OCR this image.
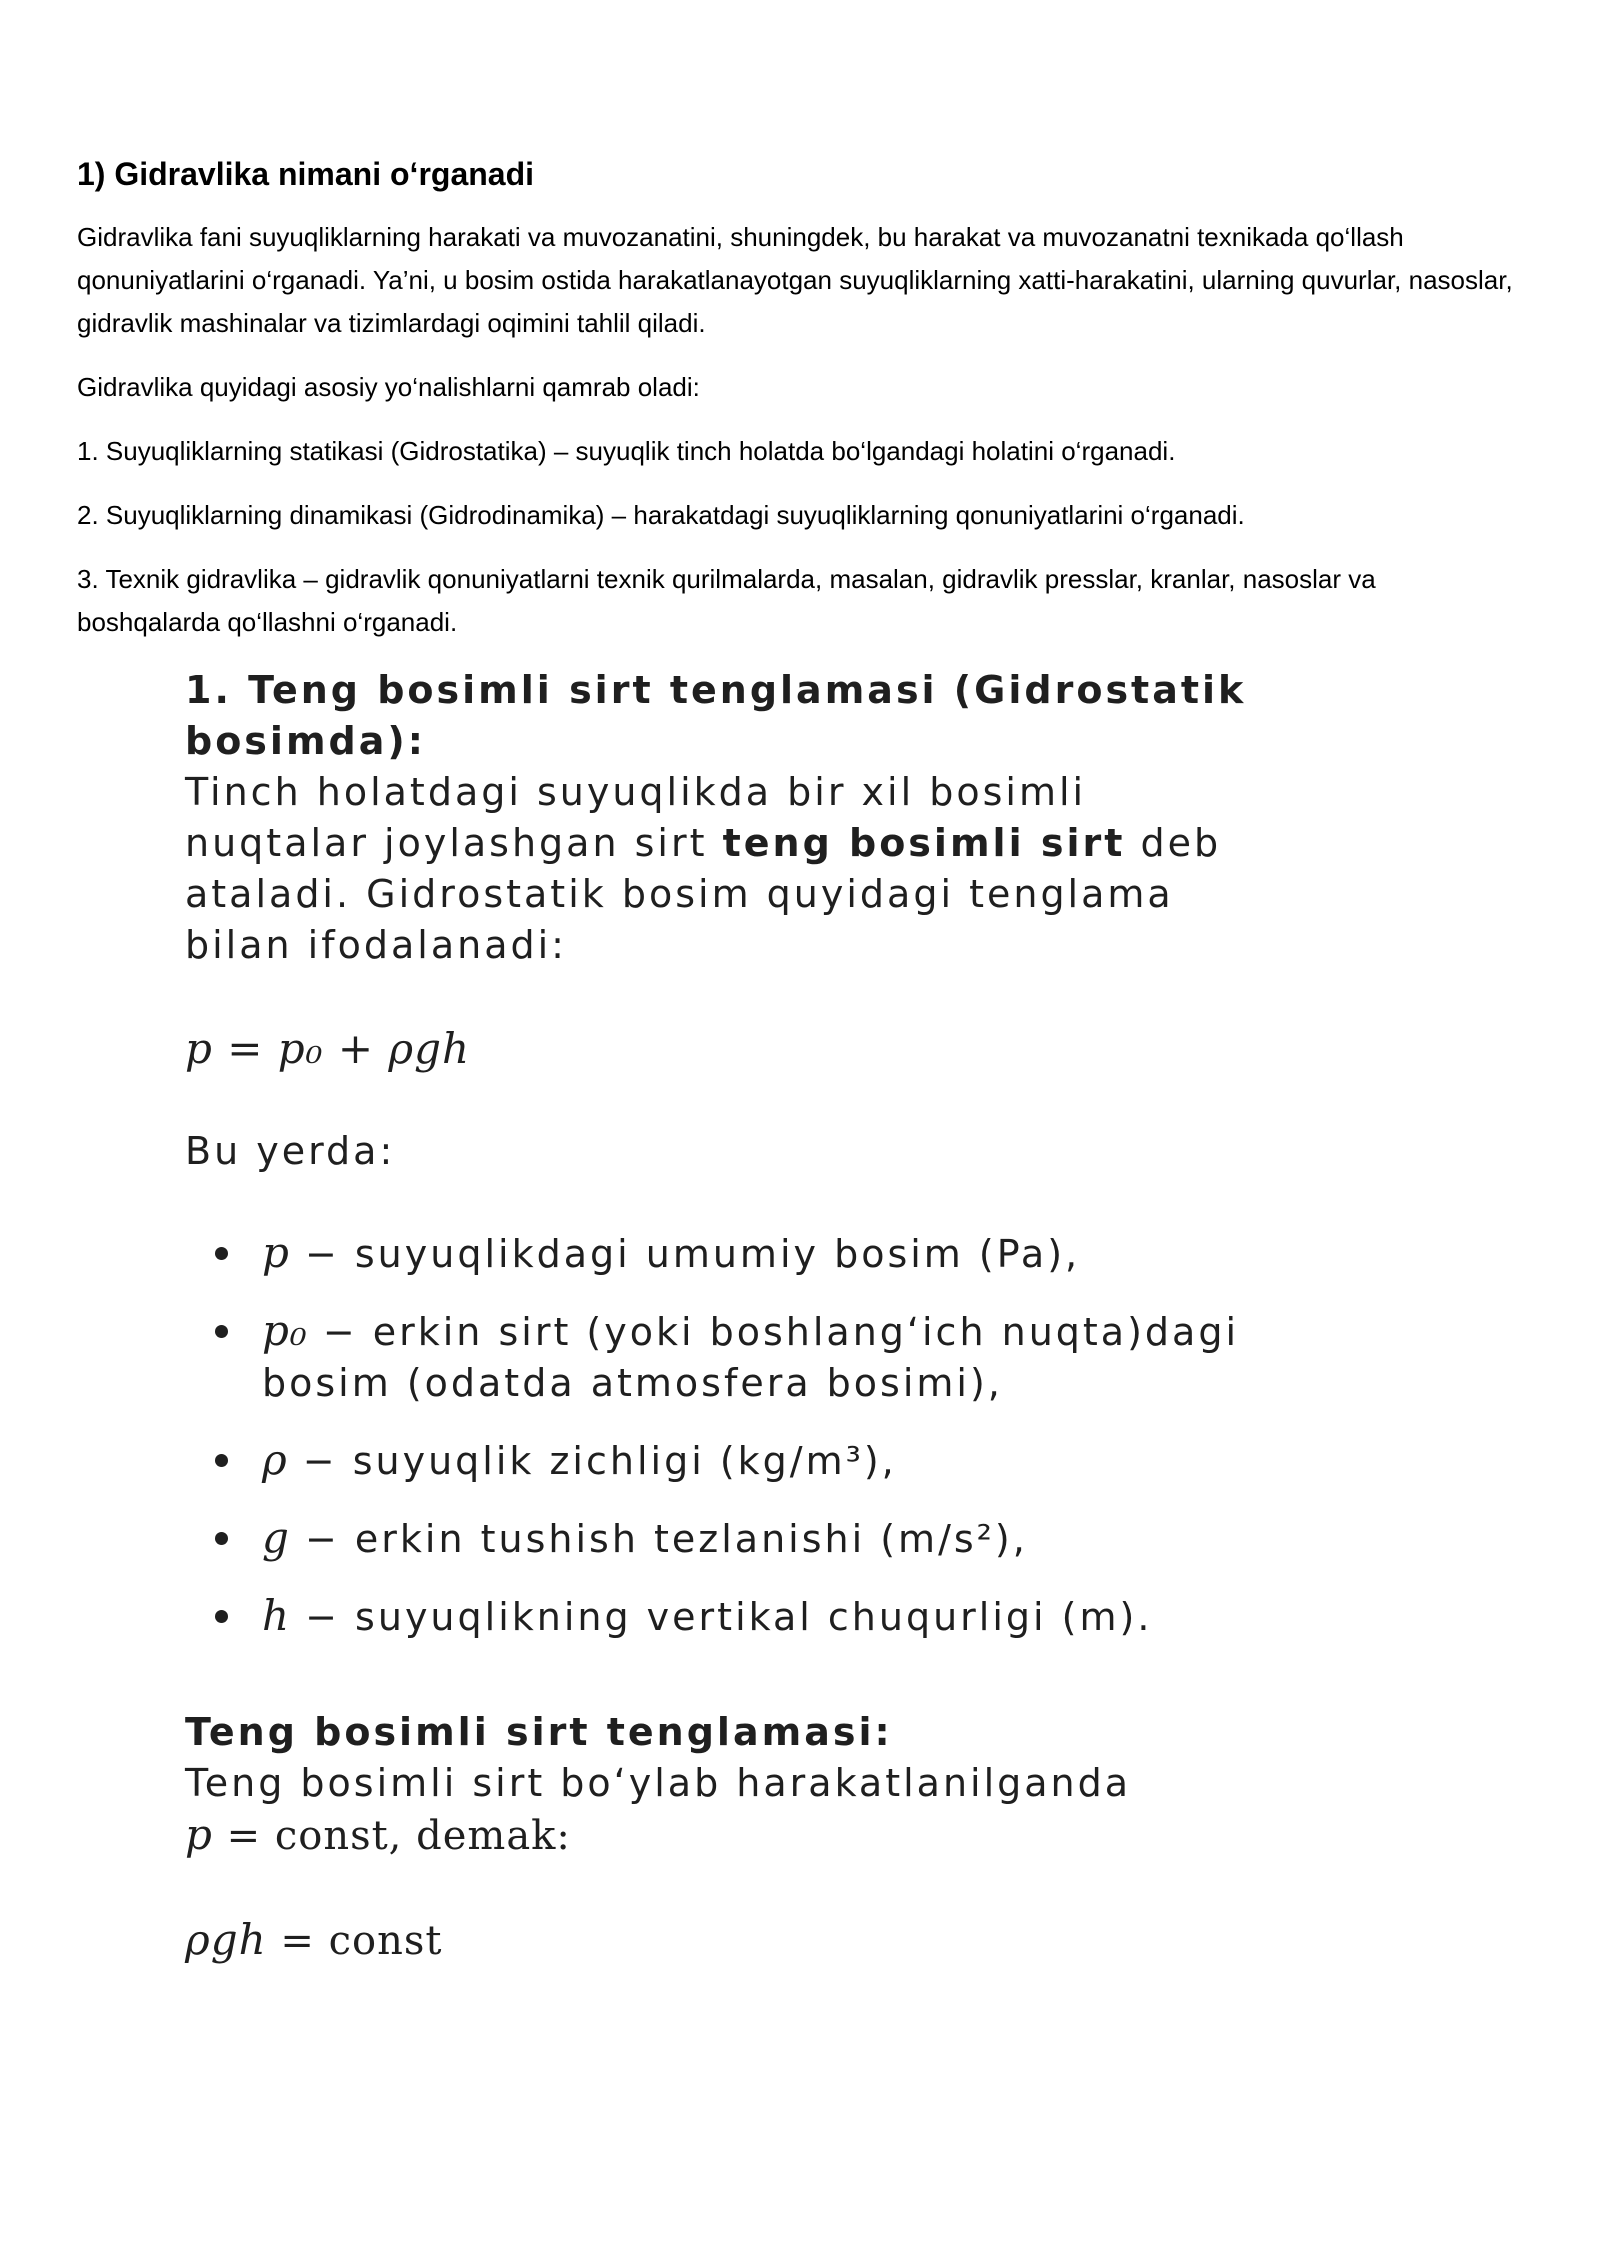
1) Gidravlika nimani o‘rganadi

Gidravlika fani suyuqliklarning harakati va muvozanatini, shuningdek, bu harakat va muvozanatni texnikada qo‘llash qonuniyatlarini o‘rganadi. Ya’ni, u bosim ostida harakatlanayotgan suyuqliklarning xatti-harakatini, ularning quvurlar, nasoslar, gidravlik mashinalar va tizimlardagi oqimini tahlil qiladi.

Gidravlika quyidagi asosiy yo‘nalishlarni qamrab oladi:

1. Suyuqliklarning statikasi (Gidrostatika) – suyuqlik tinch holatda bo‘lgandagi holatini o‘rganadi.

2. Suyuqliklarning dinamikasi (Gidrodinamika) – harakatdagi suyuqliklarning qonuniyatlarini o‘rganadi.

3. Texnik gidravlika – gidravlik qonuniyatlarni texnik qurilmalarda, masalan, gidravlik presslar, kranlar, nasoslar va boshqalarda qo‘llashni o‘rganadi.

1. Teng bosimli sirt tenglamasi (Gidrostatik
bosimda):
Tinch holatdagi suyuqlikda bir xil bosimli
nuqtalar joylashgan sirt teng bosimli sirt deb
ataladi. Gidrostatik bosim quyidagi tenglama
bilan ifodalanadi:
p = p₀ + ρgh
Bu yerda:
p − suyuqlikdagi umumiy bosim (Pa),
p₀ − erkin sirt (yoki boshlang‘ich nuqta)dagi
bosim (odatda atmosfera bosimi),
ρ − suyuqlik zichligi (kg/m³),
g − erkin tushish tezlanishi (m/s²),
h − suyuqlikning vertikal chuqurligi (m).
Teng bosimli sirt tenglamasi:
Teng bosimli sirt bo‘ylab harakatlanilganda
p = const, demak:
ρgh = const
